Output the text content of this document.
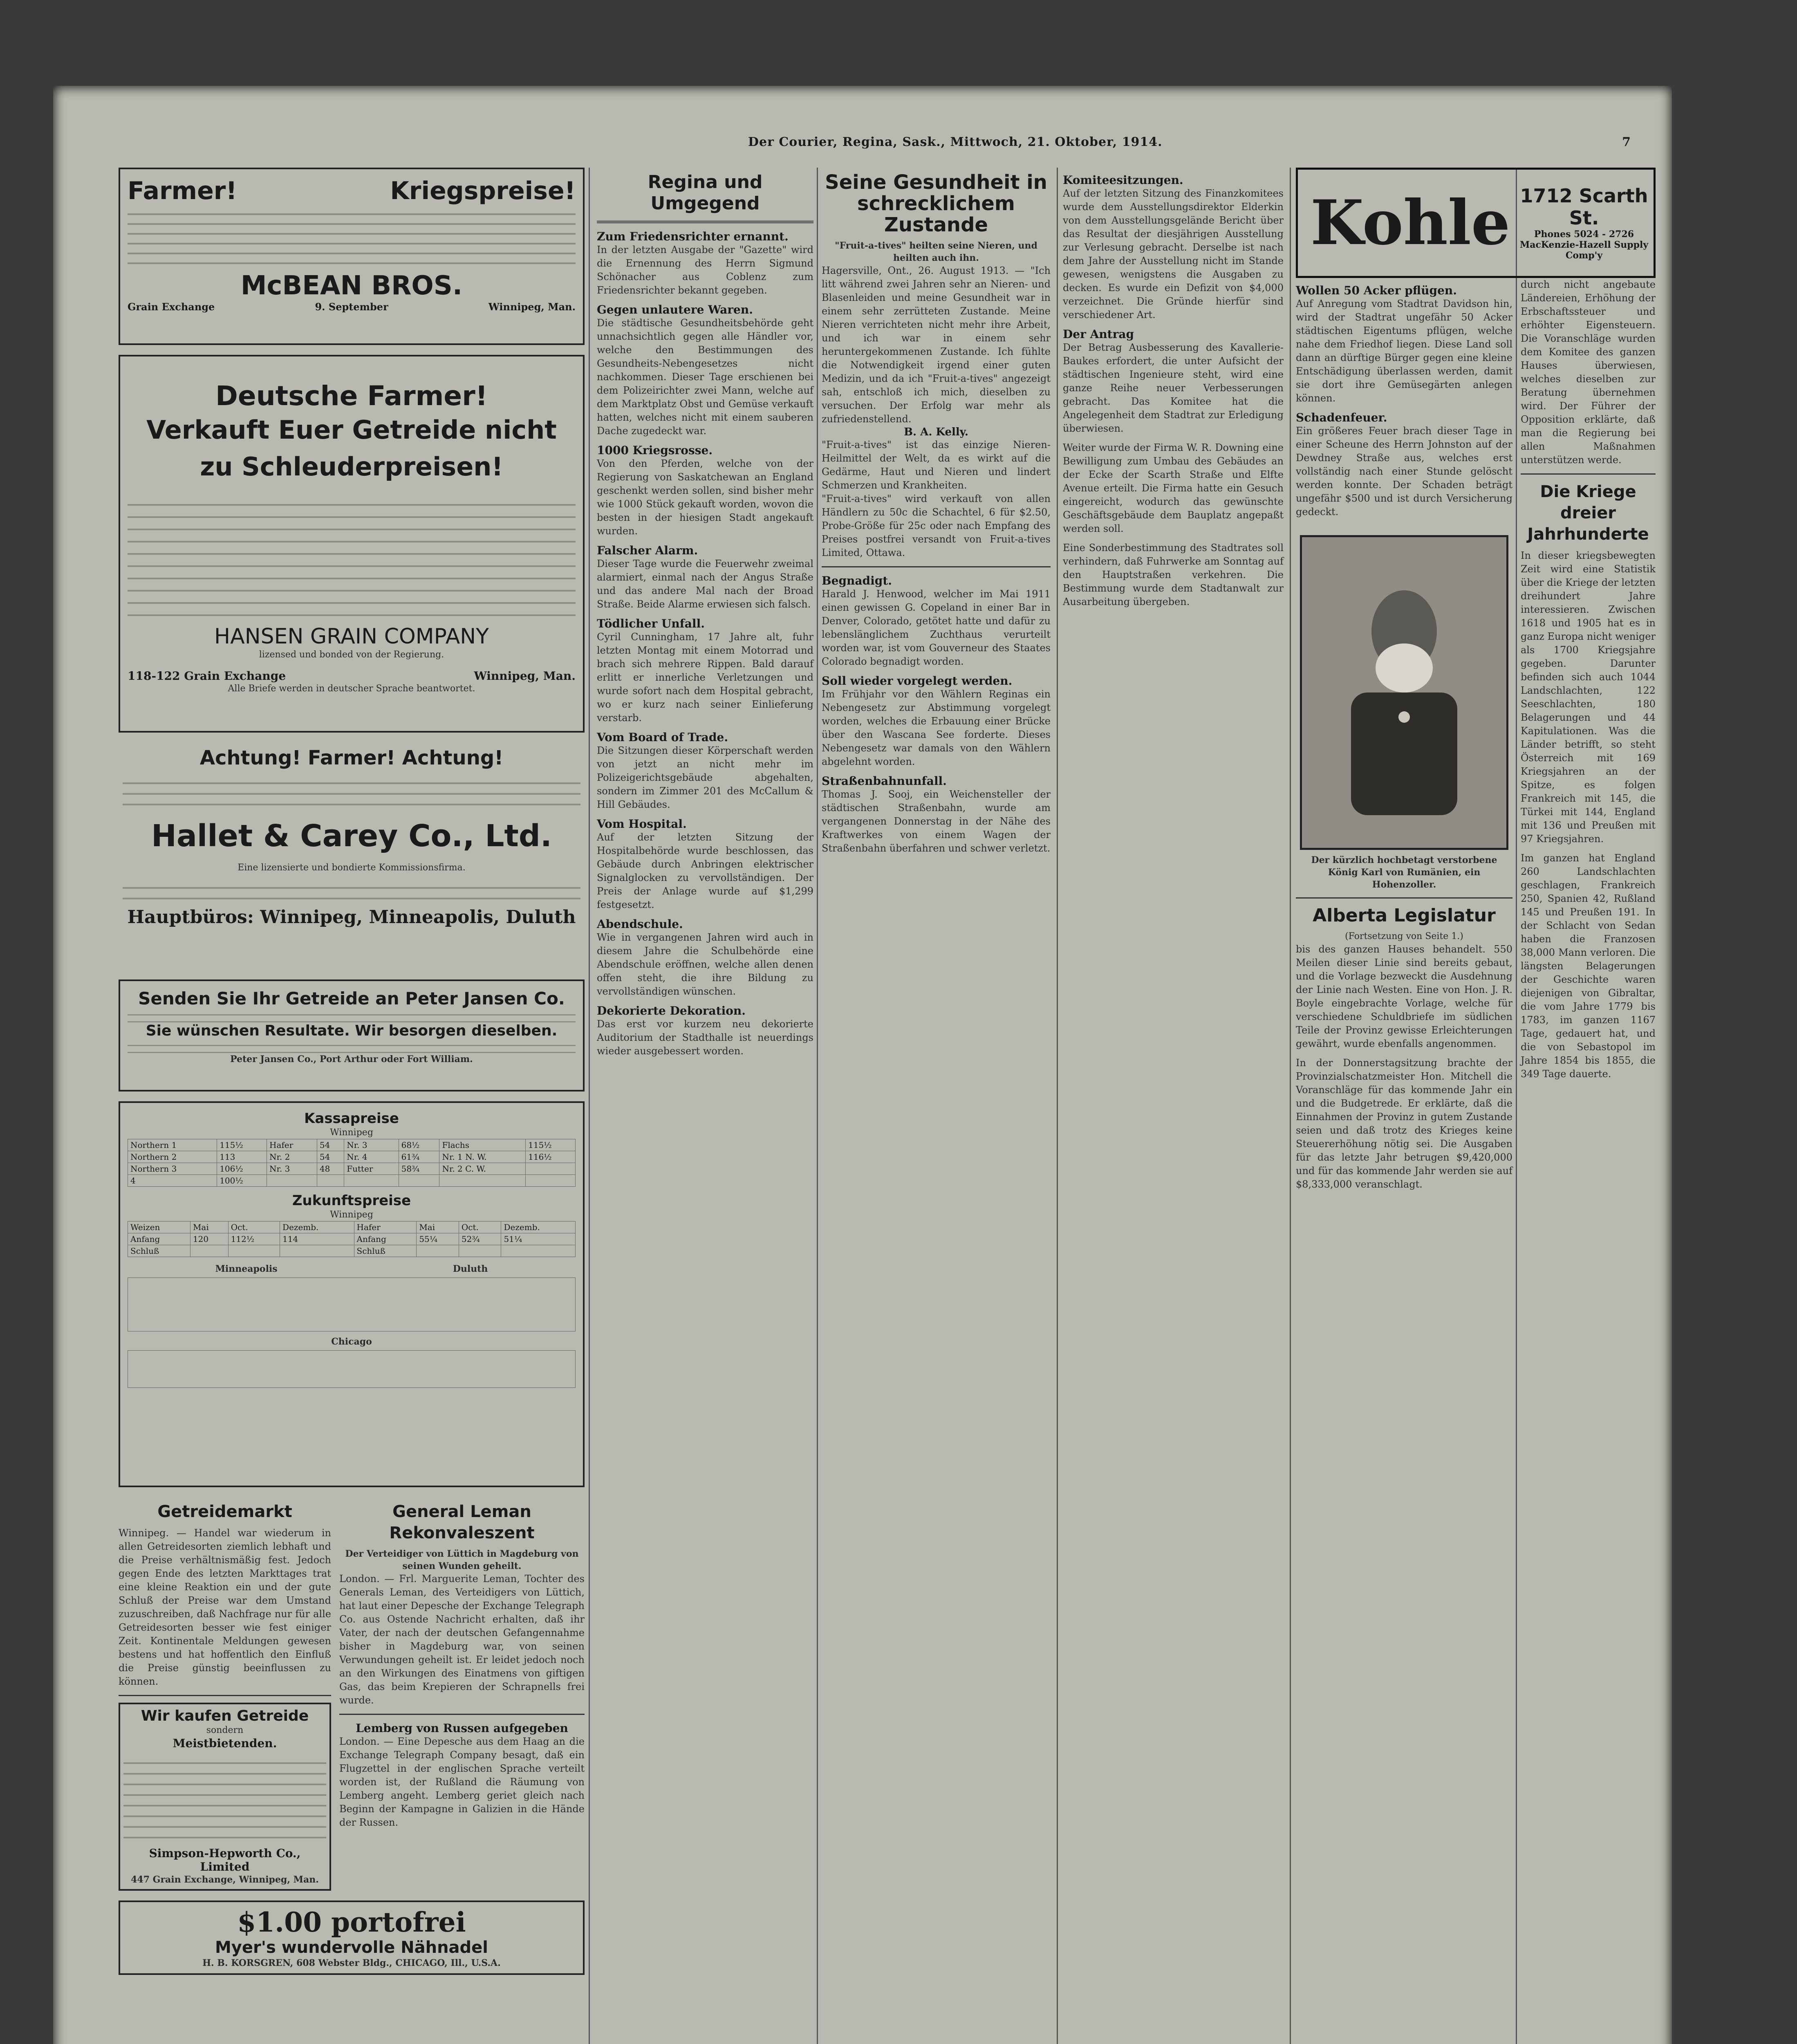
Der Courier, Regina, Sask., Mittwoch, 21. Oktober, 1914.	7
Farmer!	Kriegspreise!
McBEAN BROS.
Grain Exchange	9. September	Winnipeg, Man.
Deutsche Farmer!
Verkauft Euer Getreide nicht zu Schleuderpreisen!
HANSEN GRAIN COMPANY
lizensed und bonded von der Regierung.
118-122 Grain Exchange	Winnipeg, Man.
Alle Briefe werden in deutscher Sprache beantwortet.
Achtung! Farmer! Achtung!
Hallet & Carey Co., Ltd.
Eine lizensierte und bondierte Kommissionsfirma.
Hauptbüros: Winnipeg, Minneapolis, Duluth
Senden Sie Ihr Getreide an Peter Jansen Co.
Sie wünschen Resultate. Wir besorgen dieselben.
Peter Jansen Co., Port Arthur oder Fort William.
Kassapreise
Winnipeg
Northern 1	115½	Hafer	54	Nr. 3	68½	Flachs	115½
Northern 2	113	Nr. 2	54	Nr. 4	61¾	Nr. 1 N. W.	116½
Northern 3	106½	Nr. 3	48	Futter	58¾	Nr. 2 C. W.	
4	100½						
Zukunftspreise
Winnipeg
Weizen	Mai	Oct.	Dezemb.	Hafer	Mai	Oct.	Dezemb.
Anfang	120	112½	114	Anfang	55¼	52¾	51¼
Schluß				Schluß			
Minneapolis	Duluth
Chicago
Getreidemarkt
Winnipeg. — Handel war wiederum in allen Getreidesorten ziemlich lebhaft und die Preise verhältnismäßig fest. Jedoch gegen Ende des letzten Markttages trat eine kleine Reaktion ein und der gute Schluß der Preise war dem Umstand zuzuschreiben, daß Nachfrage nur für alle Getreidesorten besser wie fest einiger Zeit. Kontinentale Meldungen gewesen bestens und hat hoffentlich den Einfluß die Preise günstig beeinflussen zu können.
Wir kaufen Getreide
sondern
Meistbietenden.
Simpson-Hepworth Co., Limited
447 Grain Exchange, Winnipeg, Man.
General Leman Rekonvaleszent
Der Verteidiger von Lüttich in Magdeburg von seinen Wunden geheilt.
London. — Frl. Marguerite Leman, Tochter des Generals Leman, des Verteidigers von Lüttich, hat laut einer Depesche der Exchange Telegraph Co. aus Ostende Nachricht erhalten, daß ihr Vater, der nach der deutschen Gefangennahme bisher in Magdeburg war, von seinen Verwundungen geheilt ist. Er leidet jedoch noch an den Wirkungen des Einatmens von giftigen Gas, das beim Krepieren der Schrapnells frei wurde.
Lemberg von Russen aufgegeben
London. — Eine Depesche aus dem Haag an die Exchange Telegraph Company besagt, daß ein Flugzettel in der englischen Sprache verteilt worden ist, der Rußland die Räumung von Lemberg angeht. Lemberg geriet gleich nach Beginn der Kampagne in Galizien in die Hände der Russen.
$1.00 portofrei
Myer's wundervolle Nähnadel
H. B. KORSGREN, 608 Webster Bldg., CHICAGO, Ill., U.S.A.
Regina und Umgegend
Zum Friedensrichter ernannt.
In der letzten Ausgabe der "Gazette" wird die Ernennung des Herrn Sigmund Schönacher aus Coblenz zum Friedensrichter bekannt gegeben.
Gegen unlautere Waren.
Die städtische Gesundheitsbehörde geht unnachsichtlich gegen alle Händler vor, welche den Bestimmungen des Gesundheits-Nebengesetzes nicht nachkommen. Dieser Tage erschienen bei dem Polizeirichter zwei Mann, welche auf dem Marktplatz Obst und Gemüse verkauft hatten, welches nicht mit einem sauberen Dache zugedeckt war.
1000 Kriegsrosse.
Von den Pferden, welche von der Regierung von Saskatchewan an England geschenkt werden sollen, sind bisher mehr wie 1000 Stück gekauft worden, wovon die besten in der hiesigen Stadt angekauft wurden.
Falscher Alarm.
Dieser Tage wurde die Feuerwehr zweimal alarmiert, einmal nach der Angus Straße und das andere Mal nach der Broad Straße. Beide Alarme erwiesen sich falsch.
Tödlicher Unfall.
Cyril Cunningham, 17 Jahre alt, fuhr letzten Montag mit einem Motorrad und brach sich mehrere Rippen. Bald darauf erlitt er innerliche Verletzungen und wurde sofort nach dem Hospital gebracht, wo er kurz nach seiner Einlieferung verstarb.
Vom Board of Trade.
Die Sitzungen dieser Körperschaft werden von jetzt an nicht mehr im Polizeigerichtsgebäude abgehalten, sondern im Zimmer 201 des McCallum & Hill Gebäudes.
Vom Hospital.
Auf der letzten Sitzung der Hospitalbehörde wurde beschlossen, das Gebäude durch Anbringen elektrischer Signalglocken zu vervollständigen. Der Preis der Anlage wurde auf $1,299 festgesetzt.
Abendschule.
Wie in vergangenen Jahren wird auch in diesem Jahre die Schulbehörde eine Abendschule eröffnen, welche allen denen offen steht, die ihre Bildung zu vervollständigen wünschen.
Dekorierte Dekoration.
Das erst vor kurzem neu dekorierte Auditorium der Stadthalle ist neuerdings wieder ausgebessert worden.
Seine Gesundheit in schrecklichem Zustande
"Fruit-a-tives" heilten seine Nieren, und heilten auch ihn.
Hagersville, Ont., 26. August 1913. — "Ich litt während zwei Jahren sehr an Nieren- und Blasenleiden und meine Gesundheit war in einem sehr zerrütteten Zustande. Meine Nieren verrichteten nicht mehr ihre Arbeit, und ich war in einem sehr heruntergekommenen Zustande. Ich fühlte die Notwendigkeit irgend einer guten Medizin, und da ich "Fruit-a-tives" angezeigt sah, entschloß ich mich, dieselben zu versuchen. Der Erfolg war mehr als zufriedenstellend.
B. A. Kelly.
"Fruit-a-tives" ist das einzige Nieren-Heilmittel der Welt, da es wirkt auf die Gedärme, Haut und Nieren und lindert Schmerzen und Krankheiten.
"Fruit-a-tives" wird verkauft von allen Händlern zu 50c die Schachtel, 6 für $2.50, Probe-Größe für 25c oder nach Empfang des Preises postfrei versandt von Fruit-a-tives Limited, Ottawa.
Begnadigt.
Harald J. Henwood, welcher im Mai 1911 einen gewissen G. Copeland in einer Bar in Denver, Colorado, getötet hatte und dafür zu lebenslänglichem Zuchthaus verurteilt worden war, ist vom Gouverneur des Staates Colorado begnadigt worden.
Soll wieder vorgelegt werden.
Im Frühjahr vor den Wählern Reginas ein Nebengesetz zur Abstimmung vorgelegt worden, welches die Erbauung einer Brücke über den Wascana See forderte. Dieses Nebengesetz war damals von den Wählern abgelehnt worden.
Straßenbahnunfall.
Thomas J. Sooj, ein Weichensteller der städtischen Straßenbahn, wurde am vergangenen Donnerstag in der Nähe des Kraftwerkes von einem Wagen der Straßenbahn überfahren und schwer verletzt.
Komiteesitzungen.
Auf der letzten Sitzung des Finanzkomitees wurde dem Ausstellungsdirektor Elderkin von dem Ausstellungsgelände Bericht über das Resultat der diesjährigen Ausstellung zur Verlesung gebracht. Derselbe ist nach dem Jahre der Ausstellung nicht im Stande gewesen, wenigstens die Ausgaben zu decken. Es wurde ein Defizit von $4,000 verzeichnet. Die Gründe hierfür sind verschiedener Art.
Der Antrag
Der Betrag Ausbesserung des Kavallerie-Baukes erfordert, die unter Aufsicht der städtischen Ingenieure steht, wird eine ganze Reihe neuer Verbesserungen gebracht. Das Komitee hat die Angelegenheit dem Stadtrat zur Erledigung überwiesen.
Weiter wurde der Firma W. R. Downing eine Bewilligung zum Umbau des Gebäudes an der Ecke der Scarth Straße und Elfte Avenue erteilt. Die Firma hatte ein Gesuch eingereicht, wodurch das gewünschte Geschäftsgebäude dem Bauplatz angepaßt werden soll.
Eine Sonderbestimmung des Stadtrates soll verhindern, daß Fuhrwerke am Sonntag auf den Hauptstraßen verkehren. Die Bestimmung wurde dem Stadtanwalt zur Ausarbeitung übergeben.
Kohle 1712 Scarth St.
Phones 5024 - 2726
MacKenzie-Hazell Supply Comp'y
Wollen 50 Acker pflügen.
Auf Anregung vom Stadtrat Davidson hin, wird der Stadtrat ungefähr 50 Acker städtischen Eigentums pflügen, welche nahe dem Friedhof liegen. Diese Land soll dann an dürftige Bürger gegen eine kleine Entschädigung überlassen werden, damit sie dort ihre Gemüsegärten anlegen können.
Schadenfeuer.
Ein größeres Feuer brach dieser Tage in einer Scheune des Herrn Johnston auf der Dewdney Straße aus, welches erst vollständig nach einer Stunde gelöscht werden konnte. Der Schaden beträgt ungefähr $500 und ist durch Versicherung gedeckt.
Der kürzlich hochbetagt verstorbene König Karl von Rumänien, ein Hohenzoller.
Alberta Legislatur
(Fortsetzung von Seite 1.)
bis des ganzen Hauses behandelt. 550 Meilen dieser Linie sind bereits gebaut, und die Vorlage bezweckt die Ausdehnung der Linie nach Westen. Eine von Hon. J. R. Boyle eingebrachte Vorlage, welche für verschiedene Schuldbriefe im südlichen Teile der Provinz gewisse Erleichterungen gewährt, wurde ebenfalls angenommen.
In der Donnerstagsitzung brachte der Provinzialschatzmeister Hon. Mitchell die Voranschläge für das kommende Jahr ein und die Budgetrede. Er erklärte, daß die Einnahmen der Provinz in gutem Zustande seien und daß trotz des Krieges keine Steuererhöhung nötig sei. Die Ausgaben für das letzte Jahr betrugen $9,420,000 und für das kommende Jahr werden sie auf $8,333,000 veranschlagt.
durch nicht angebaute Ländereien, Erhöhung der Erbschaftssteuer und erhöhter Eigensteuern. Die Voranschläge wurden dem Komitee des ganzen Hauses überwiesen, welches dieselben zur Beratung übernehmen wird. Der Führer der Opposition erklärte, daß man die Regierung bei allen Maßnahmen unterstützen werde.
Die Kriege dreier Jahrhunderte
In dieser kriegsbewegten Zeit wird eine Statistik über die Kriege der letzten dreihundert Jahre interessieren. Zwischen 1618 und 1905 hat es in ganz Europa nicht weniger als 1700 Kriegsjahre gegeben. Darunter befinden sich auch 1044 Landschlachten, 122 Seeschlachten, 180 Belagerungen und 44 Kapitulationen. Was die Länder betrifft, so steht Österreich mit 169 Kriegsjahren an der Spitze, es folgen Frankreich mit 145, die Türkei mit 144, England mit 136 und Preußen mit 97 Kriegsjahren.
Im ganzen hat England 260 Landschlachten geschlagen, Frankreich 250, Spanien 42, Rußland 145 und Preußen 191. In der Schlacht von Sedan haben die Franzosen 38,000 Mann verloren. Die längsten Belagerungen der Geschichte waren diejenigen von Gibraltar, die vom Jahre 1779 bis 1783, im ganzen 1167 Tage, gedauert hat, und die von Sebastopol im Jahre 1854 bis 1855, die 349 Tage dauerte.
